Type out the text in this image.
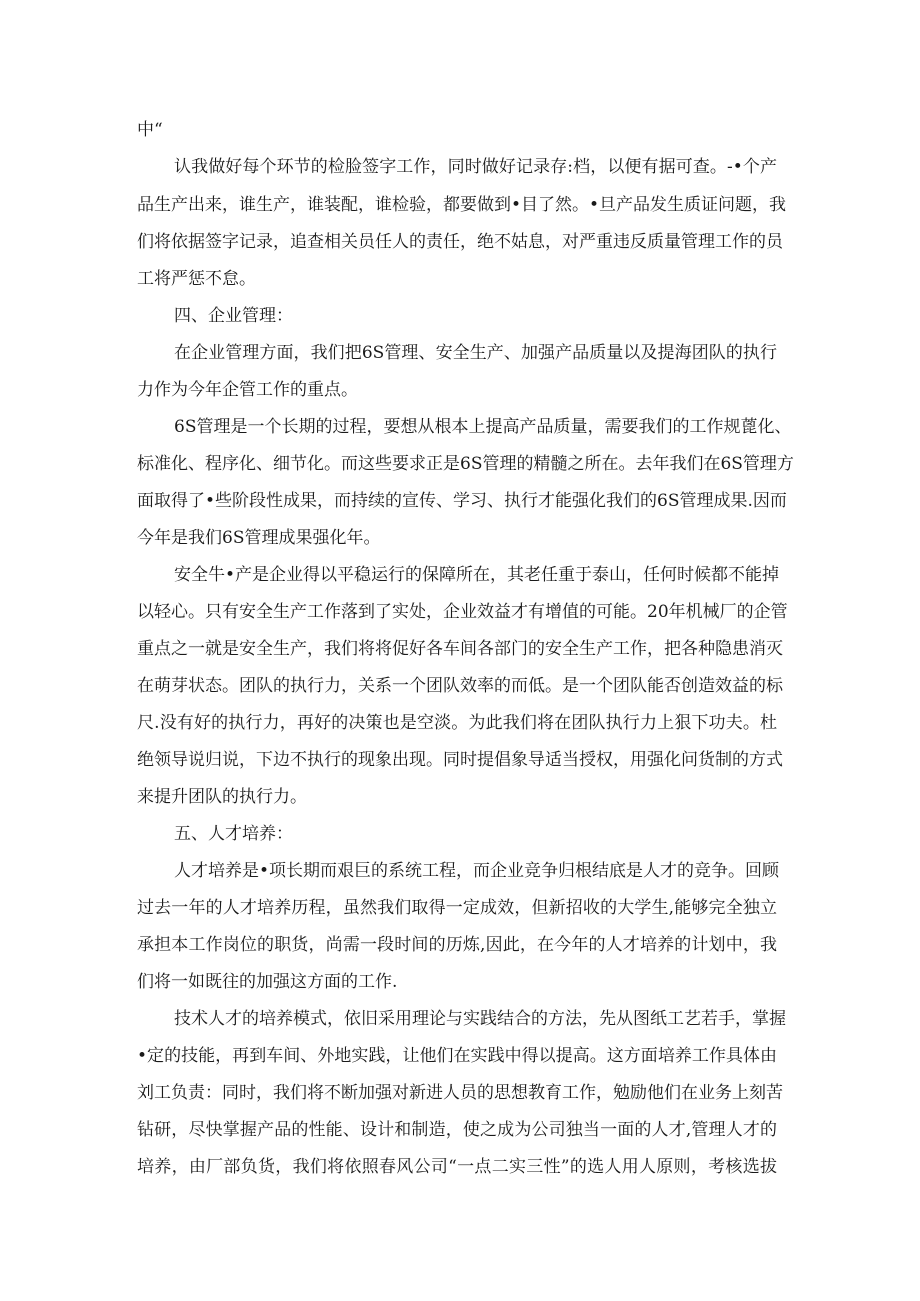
中“

认我做好每个环节的检脸签字工作，同时做好记录存:档，以便有据可查。-•个产

品生产出来，谁生产，谁装配，谁检验，都要做到•目了然。•旦产品发生质证问题，我

们将依据签字记录，追查相关员任人的责任，绝不姑息，对严重违反质量管理工作的员

工将严惩不怠。

四、企业管理：

在企业管理方面，我们把6S管理、安全生产、加强产品质量以及提海团队的执行

力作为今年企管工作的重点。

6S管理是一个长期的过程，要想从根本上提高产品质量，需要我们的工作规蓖化、

标准化、程序化、细节化。而这些要求正是6S管理的精髓之所在。去年我们在6S管理方

面取得了•些阶段性成果，而持续的宣传、学习、执行才能强化我们的6S管理成果.因而

今年是我们6S管理成果强化年。

安全牛•产是企业得以平稳运行的保障所在，其老任重于泰山，任何时候都不能掉

以轻心。只有安全生产工作落到了实处，企业效益才有增值的可能。20年机械厂的企管

重点之一就是安全生产，我们将将促好各车间各部门的安全生产工作，把各种隐患消灭

在萌芽状态。团队的执行力，关系一个团队效率的而低。是一个团队能否创造效益的标

尺.没有好的执行力，再好的决策也是空淡。为此我们将在团队执行力上狠下功夫。杜

绝领导说归说，下边不执行的现象出现。同时提倡象导适当授权，用强化问货制的方式

来提升团队的执行力。

五、人才培养：

人才培养是•项长期而艰巨的系统工程，而企业竞争归根结底是人才的竞争。回顾

过去一年的人才培养历程，虽然我们取得一定成效，但新招收的大学生,能够完全独立

承担本工作岗位的职货，尚需一段时间的历炼,因此，在今年的人才培养的计划中，我

们将一如既往的加强这方面的工作.

技术人才的培养模式，依旧采用理论与实践结合的方法，先从图纸工艺若手，掌握

•定的技能，再到车间、外地实践，让他们在实践中得以提高。这方面培养工作具体由

刘工负责：同时，我们将不断加强对新进人员的思想教育工作，勉励他们在业务上刻苦

钻研，尽快掌握产品的性能、设计和制造，使之成为公司独当一面的人才,管理人才的

培养，由厂部负货，我们将依照春风公司“一点二实三性”的选人用人原则，考核选拔
